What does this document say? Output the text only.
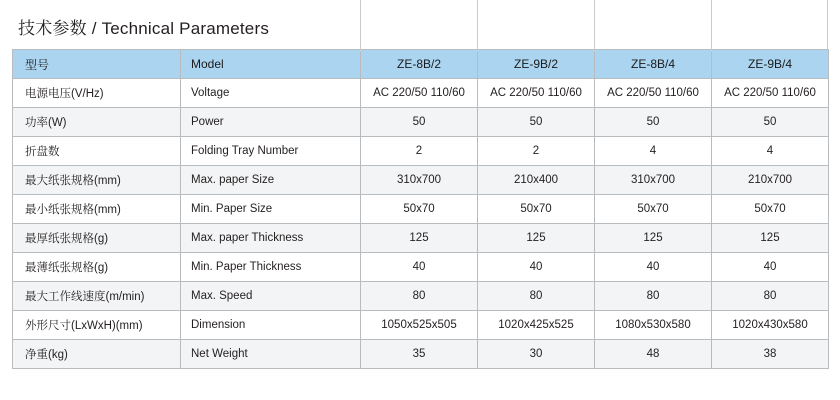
技术参数 / Technical Parameters
型号	Model	ZE-8B/2	ZE-9B/2	ZE-8B/4	ZE-9B/4
电源电压(V/Hz)	Voltage	AC 220/50 110/60	AC 220/50 110/60	AC 220/50 110/60	AC 220/50 110/60
功率(W)	Power	50	50	50	50
折盘数	Folding Tray Number	2	2	4	4
最大纸张规格(mm)	Max. paper Size	310x700	210x400	310x700	210x700
最小纸张规格(mm)	Min. Paper Size	50x70	50x70	50x70	50x70
最厚纸张规格(g)	Max. paper Thickness	125	125	125	125
最薄纸张规格(g)	Min. Paper Thickness	40	40	40	40
最大工作线速度(m/min)	Max. Speed	80	80	80	80
外形尺寸(LxWxH)(mm)	Dimension	1050x525x505	1020x425x525	1080x530x580	1020x430x580
净重(kg)	Net Weight	35	30	48	38
